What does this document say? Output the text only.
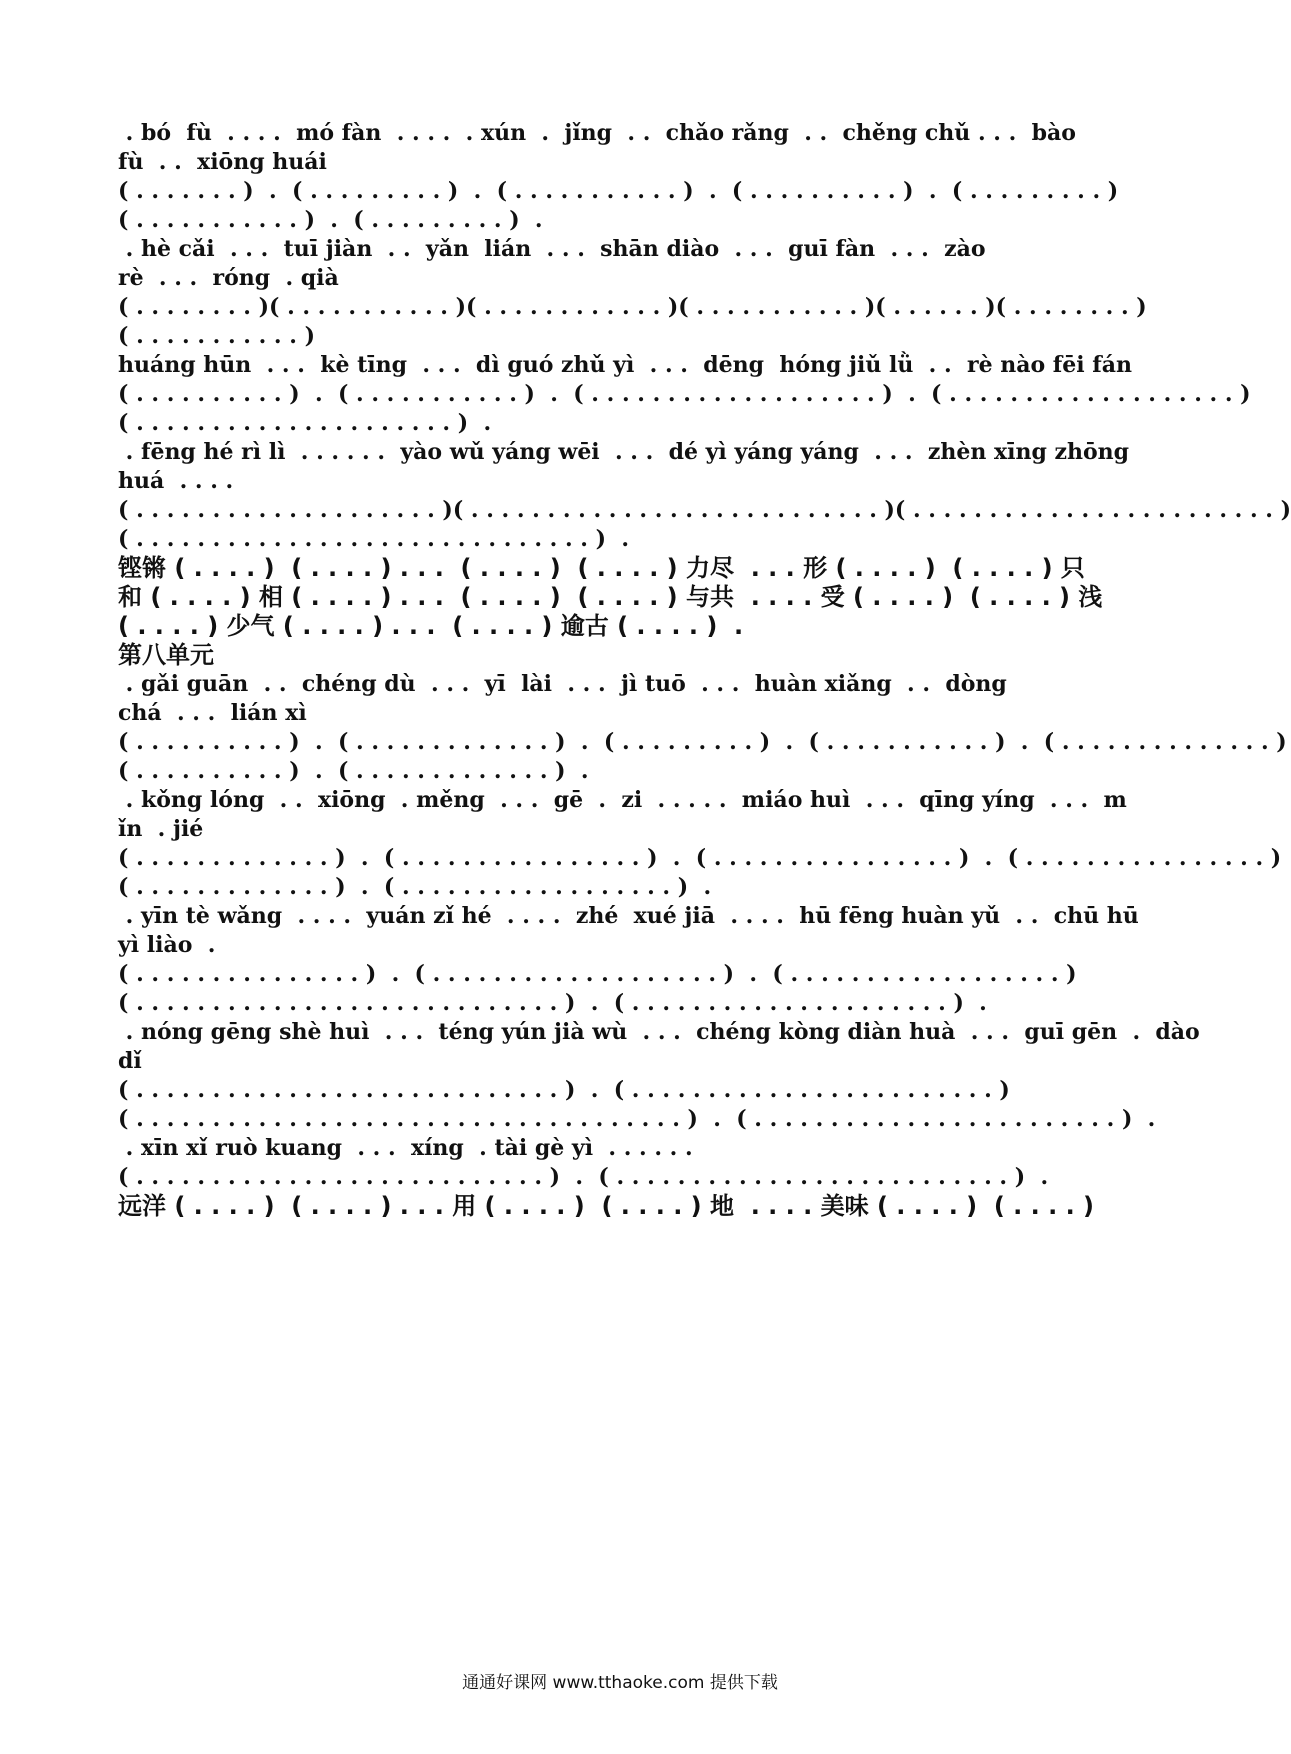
. bó  fù  . . . .  mó fàn  . . . .  . xún  .  jǐng  . .  chǎo rǎng  . .  chěng chǔ . . .  bào
fù  . .  xiōng huái
( . . . . . . . )  .  ( . . . . . . . . . )  .  ( . . . . . . . . . . . )  .  ( . . . . . . . . . . )  .  ( . . . . . . . . . )
( . . . . . . . . . . . )  .  ( . . . . . . . . . )  .
. hè cǎi  . . .  tuī jiàn  . .  yǎn  lián  . . .  shān diào  . . .  guī fàn  . . .  zào
rè  . . .  róng  . qià
( . . . . . . . . )( . . . . . . . . . . . )( . . . . . . . . . . . . )( . . . . . . . . . . . )( . . . . . . )( . . . . . . . . )
( . . . . . . . . . . . )
huáng hūn  . . .  kè tīng  . . .  dì guó zhǔ yì  . . .  dēng  hóng jiǔ lǜ  . .  rè nào fēi fán
( . . . . . . . . . . )  .  ( . . . . . . . . . . . )  .  ( . . . . . . . . . . . . . . . . . . . )  .  ( . . . . . . . . . . . . . . . . . . . )
( . . . . . . . . . . . . . . . . . . . . . )  .
. fēng hé rì lì  . . . . . .  yào wǔ yáng wēi  . . .  dé yì yáng yáng  . . .  zhèn xīng zhōng
huá  . . . .
( . . . . . . . . . . . . . . . . . . . . )( . . . . . . . . . . . . . . . . . . . . . . . . . . . )( . . . . . . . . . . . . . . . . . . . . . . . . )
( . . . . . . . . . . . . . . . . . . . . . . . . . . . . . . )  .
铿锵 ( . . . . )  ( . . . . ) . . .  ( . . . . )  ( . . . . ) 力尽  . . . 形 ( . . . . )  ( . . . . ) 只
和 ( . . . . ) 相 ( . . . . ) . . .  ( . . . . )  ( . . . . ) 与共  . . . . 受 ( . . . . )  ( . . . . ) 浅
( . . . . ) 少气 ( . . . . ) . . .  ( . . . . ) 逾古 ( . . . . )  .
第八单元
. gǎi guān  . .  chéng dù  . . .  yī  lài  . . .  jì tuō  . . .  huàn xiǎng  . .  dòng
chá  . . .  lián xì
( . . . . . . . . . . )  .  ( . . . . . . . . . . . . . )  .  ( . . . . . . . . . )  .  ( . . . . . . . . . . . )  .  ( . . . . . . . . . . . . . . )
( . . . . . . . . . . )  .  ( . . . . . . . . . . . . . )  .
. kǒng lóng  . .  xiōng  . měng  . . .  gē  .  zi  . . . . .  miáo huì  . . .  qīng yíng  . . .  m
ǐn  . jié
( . . . . . . . . . . . . . )  .  ( . . . . . . . . . . . . . . . . )  .  ( . . . . . . . . . . . . . . . . )  .  ( . . . . . . . . . . . . . . . . )
( . . . . . . . . . . . . . )  .  ( . . . . . . . . . . . . . . . . . . )  .
. yīn tè wǎng  . . . .  yuán zǐ hé  . . . .  zhé  xué jiā  . . . .  hū fēng huàn yǔ  . .  chū hū
yì liào  .
( . . . . . . . . . . . . . . . )  .  ( . . . . . . . . . . . . . . . . . . . )  .  ( . . . . . . . . . . . . . . . . . . )
( . . . . . . . . . . . . . . . . . . . . . . . . . . . . )  .  ( . . . . . . . . . . . . . . . . . . . . . )  .
. nóng gēng shè huì  . . .  téng yún jià wù  . . .  chéng kòng diàn huà  . . .  guī gēn  .  dào
dǐ
( . . . . . . . . . . . . . . . . . . . . . . . . . . . . )  .  ( . . . . . . . . . . . . . . . . . . . . . . . . )
( . . . . . . . . . . . . . . . . . . . . . . . . . . . . . . . . . . . . )  .  ( . . . . . . . . . . . . . . . . . . . . . . . . )  .
. xīn xǐ ruò kuang  . . .  xíng  . tài gè yì  . . . . . .
( . . . . . . . . . . . . . . . . . . . . . . . . . . . )  .  ( . . . . . . . . . . . . . . . . . . . . . . . . . . )  .
远洋 ( . . . . )  ( . . . . ) . . . 用 ( . . . . )  ( . . . . ) 地  . . . . 美味 ( . . . . )  ( . . . . )
通通好课网 www.tthaoke.com 提供下载
